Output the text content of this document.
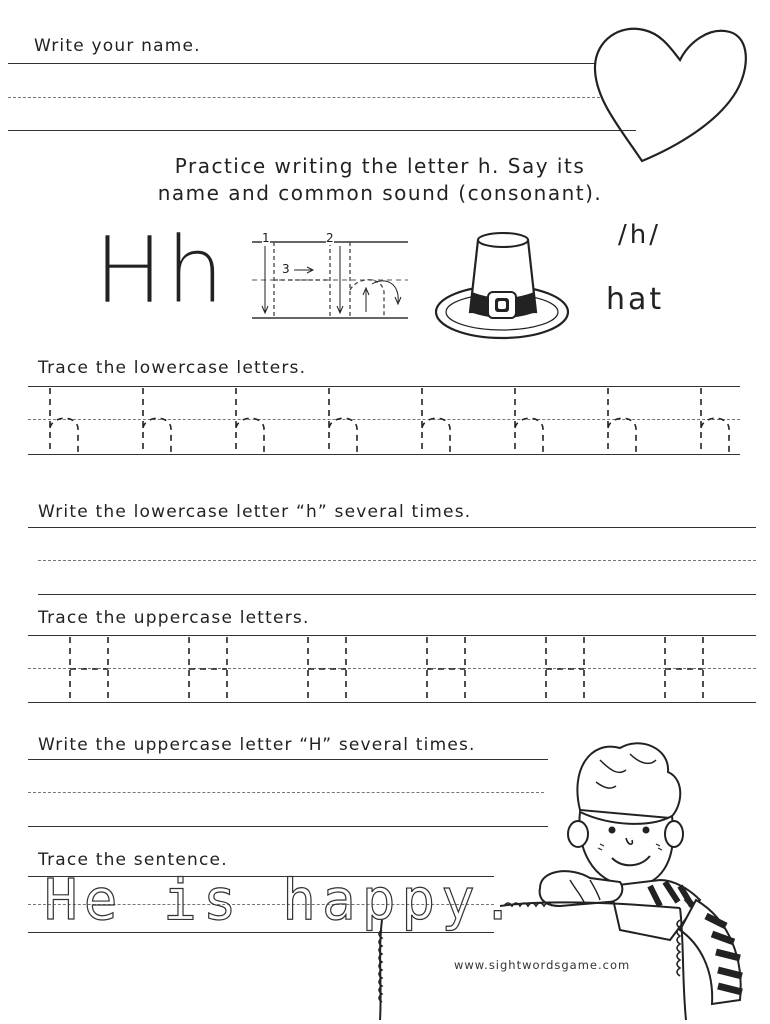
Write your name.
Practice writing the letter h. Say its
name and common sound (consonant).
H h	1	2
3
/h/
hat
Trace the lowercase letters.
Write the lowercase letter “h” several times.
Trace the uppercase letters.
Write the uppercase letter “H” several times.
Trace the sentence.
He is happy.
www.sightwordsgame.com
